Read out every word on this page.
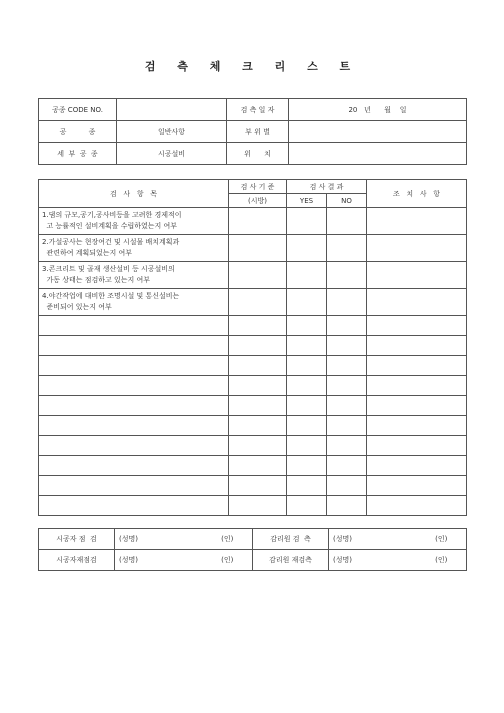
검 측 체 크 리 스 트
공종 CODE NO.		검 측 일 자	20   년      월    일
공          종	일반사항	부 위 별	
세  부  공  종	시공설비	위      치	
검   사   항   목	검 사 기 준	검 사 결 과		조   치   사   항
	(시방)	YES	NO	

1.댐의 규모,공기,공사비등을 고려한 경제적이
고 능률적인 설비계획을 수립하였는지 여부				

2.가설공사는 현장여건 및 시설물 배치계획과
관련하여 계획되었는지 여부				

3.콘크리트 및 골재 생산설비 등 시공설비의
가동 상태는 점검하고 있는지 여부				

4.야간작업에 대비한 조명시설 및 통신설비는
준비되어 있는지 여부				

시공자 점  검	(성명)	(인)	감리원 검  측	(성명)	(인)
시공자재점검	(성명)	(인)	감리원 재검측	(성명)	(인)
